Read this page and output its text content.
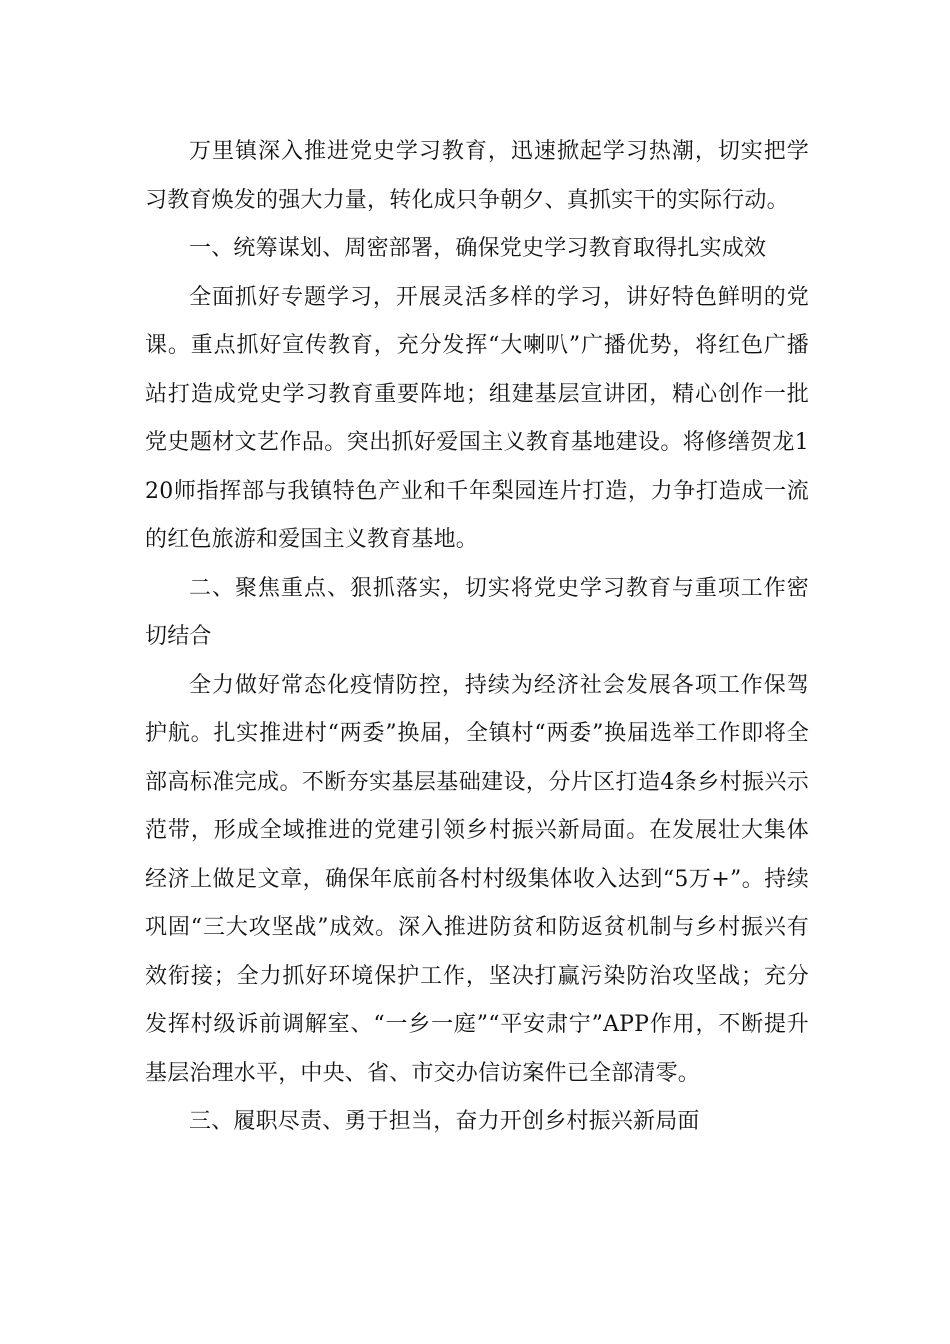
万里镇深入推进党史学习教育，迅速掀起学习热潮，切实把学习教育焕发的强大力量，转化成只争朝夕、真抓实干的实际行动。

一、统筹谋划、周密部署，确保党史学习教育取得扎实成效

全面抓好专题学习，开展灵活多样的学习，讲好特色鲜明的党课。重点抓好宣传教育，充分发挥“大喇叭”广播优势，将红色广播站打造成党史学习教育重要阵地；组建基层宣讲团，精心创作一批党史题材文艺作品。突出抓好爱国主义教育基地建设。将修缮贺龙120师指挥部与我镇特色产业和千年梨园连片打造，力争打造成一流的红色旅游和爱国主义教育基地。

二、聚焦重点、狠抓落实，切实将党史学习教育与重项工作密切结合

全力做好常态化疫情防控，持续为经济社会发展各项工作保驾护航。扎实推进村“两委”换届，全镇村“两委”换届选举工作即将全部高标准完成。不断夯实基层基础建设，分片区打造4条乡村振兴示范带，形成全域推进的党建引领乡村振兴新局面。在发展壮大集体经济上做足文章，确保年底前各村村级集体收入达到“5万+”。持续巩固“三大攻坚战”成效。深入推进防贫和防返贫机制与乡村振兴有效衔接；全力抓好环境保护工作，坚决打赢污染防治攻坚战；充分发挥村级诉前调解室、“一乡一庭”“平安肃宁”APP作用，不断提升基层治理水平，中央、省、市交办信访案件已全部清零。

三、履职尽责、勇于担当，奋力开创乡村振兴新局面
